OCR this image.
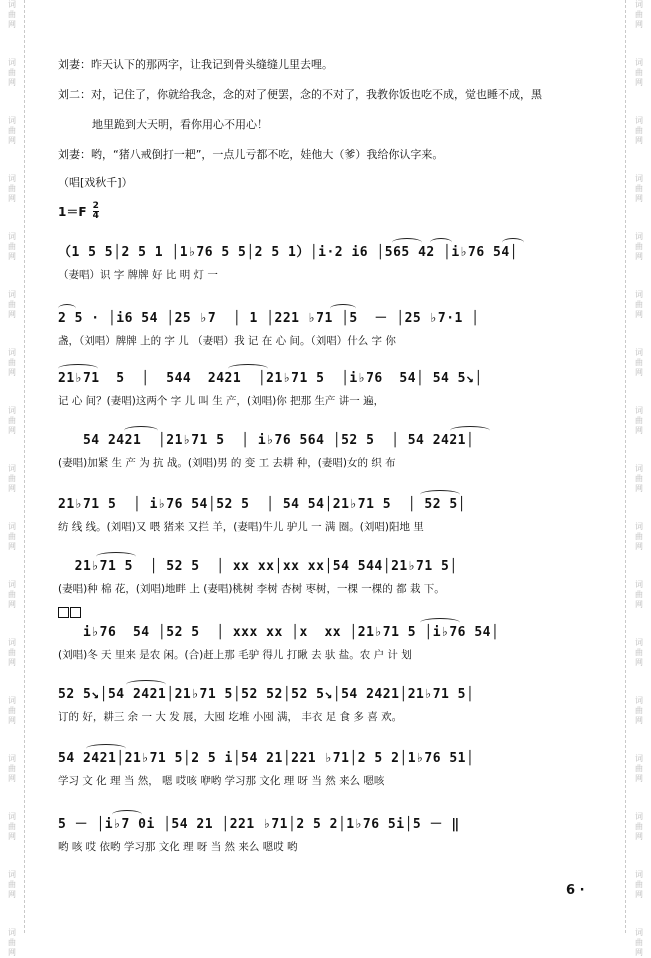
词
曲
网
词
曲
网
词
曲
网
词
曲
网
词
曲
网
词
曲
网
词
曲
网
词
曲
网
词
曲
网
词
曲
网
词
曲
网
词
曲
网
词
曲
网
词
曲
网
词
曲
网
词
曲
网
词
曲
网
词
曲
网
词
曲
网
词
曲
网
词
曲
网
词
曲
网
词
曲
网
词
曲
网
词
曲
网
词
曲
网
词
曲
网
词
曲
网
词
曲
网
词
曲
网
词
曲
网
词
曲
网
词
曲
网
词
曲
网
刘妻：昨天认下的那两字，让我记到骨头缝缝儿里去哩。
刘二：对，记住了，你就给我念，念的对了便罢，念的不对了，我教你饭也吃不成，觉也睡不成，黑
地里跪到大天明，看你用心不用心！
刘妻：哟，“猪八戒倒打一耙”，一点儿亏都不吃，娃他大（爹）我给你认字来。
（唱[戏秋千]）
$1=F \frac{2}{4}$
（1 5 5│2 5 1 │1♭76 5 5│2 5 1）│i·2 i6 │565 42 │i♭76 54│
（妻唱）识 字 牌牌 好 比 明 灯 一
2 5 · │i6 54 │25 ♭7  │ 1 │221 ♭71 │5  － │25 ♭7·1 │
盏，（刘唱）牌牌 上的 字 儿 （妻唱）我 记 在 心 间。（刘唱）什么 字 你
21♭71  5  │  544  2421  │21♭71 5  │i♭76  54│ 54 5↘│
记 心 间？(妻唱)这两个 字 儿 叫 生 产，(刘唱)你 把那 生产 讲一 遍，
54 2421  │21♭71 5  │ i♭76 564 │52 5  │ 54 2421│
(妻唱)加紧 生 产 为 抗 战。(刘唱)男 的 变 工 去耕 种，(妻唱)女的 织 布
21♭71 5  │ i♭76 54│52 5  │ 54 54│21♭71 5  │ 52 5│
纺 线 线。(刘唱)又 喂 猪来 又拦 羊，(妻唱)牛儿 驴儿 一 满 圈。(刘唱)阳地 里
21♭71 5  │ 52 5  │ xx xx│xx xx│54 544│21♭71 5│
(妻唱)种 棉 花，(刘唱)地畔 上 (妻唱)桃树 李树 杏树 枣树，一棵 一棵的 都 栽 下。
i♭76  54 │52 5  │ xxx xx │x  xx │21♭71 5 │i♭76 54│
(刘唱)冬 天 里来 是农 闲。(合)赶上那 毛驴 得儿 打瞅 去 驮 盐。农 户 计 划
52 5↘│54 2421│21♭71 5│52 52│52 5↘│54 2421│21♭71 5│
订的 好，耕三 余 一 大 发 展，大囤 圪堆 小囤 满， 丰衣 足 食 多 喜 欢。
54 2421│21♭71 5│2 5 i│54 21│221 ♭71│2 5 2│1♭76 51│
学习 文 化 理 当 然， 嗯 哎咳 咿哟 学习那 文化 理 呀 当 然 来么 嗯咳
5 － │i♭7 0i │54 21 │221 ♭71│2 5 2│1♭76 5i│5 － ‖
哟 咳 哎 依哟 学习那 文化 理 呀 当 然 来么 嗯哎 哟
6 ·
